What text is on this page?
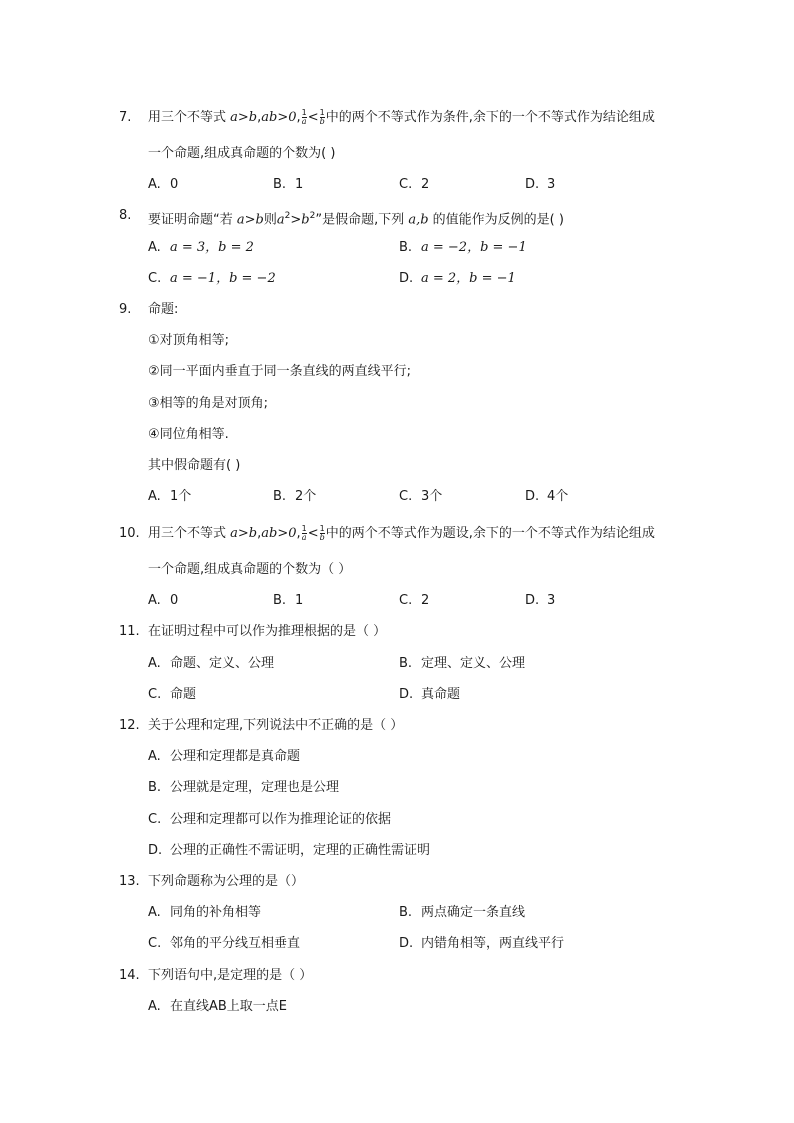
7. 用三个不等式 a>b,ab>0, $\frac{1}{a} < \frac{1}{b}$ 中的两个不等式作为条件,余下的一个不等式作为结论组成
一个命题,组成真命题的个数为( )
A. 0	B. 1	C. 2	D. 3
8. 要证明命题“若 a>b则$a^2>b^2$”是假命题,下列 a,b 的值能作为反例的是( )
A. a = 3，b = 2	B. a = −2，b = −1
C. a = −1，b = −2	D. a = 2，b = −1
9. 命题:
①对顶角相等;
②同一平面内垂直于同一条直线的两直线平行;
③相等的角是对顶角;
④同位角相等.
其中假命题有( )
A. 1个	B. 2个	C. 3个	D. 4个
10. 用三个不等式 a>b,ab>0, $\frac{1}{a} < \frac{1}{b}$ 中的两个不等式作为题设,余下的一个不等式作为结论组成
一个命题,组成真命题的个数为（ ）
A. 0	B. 1	C. 2	D. 3
11. 在证明过程中可以作为推理根据的是（ ）
A. 命题、定义、公理	B. 定理、定义、公理
C. 命题	D. 真命题
12. 关于公理和定理,下列说法中不正确的是（ ）
A. 公理和定理都是真命题
B. 公理就是定理，定理也是公理
C. 公理和定理都可以作为推理论证的依据
D. 公理的正确性不需证明，定理的正确性需证明
13. 下列命题称为公理的是（）
A. 同角的补角相等	B. 两点确定一条直线
C. 邻角的平分线互相垂直	D. 内错角相等，两直线平行
14. 下列语句中,是定理的是（ ）
A. 在直线AB上取一点E
